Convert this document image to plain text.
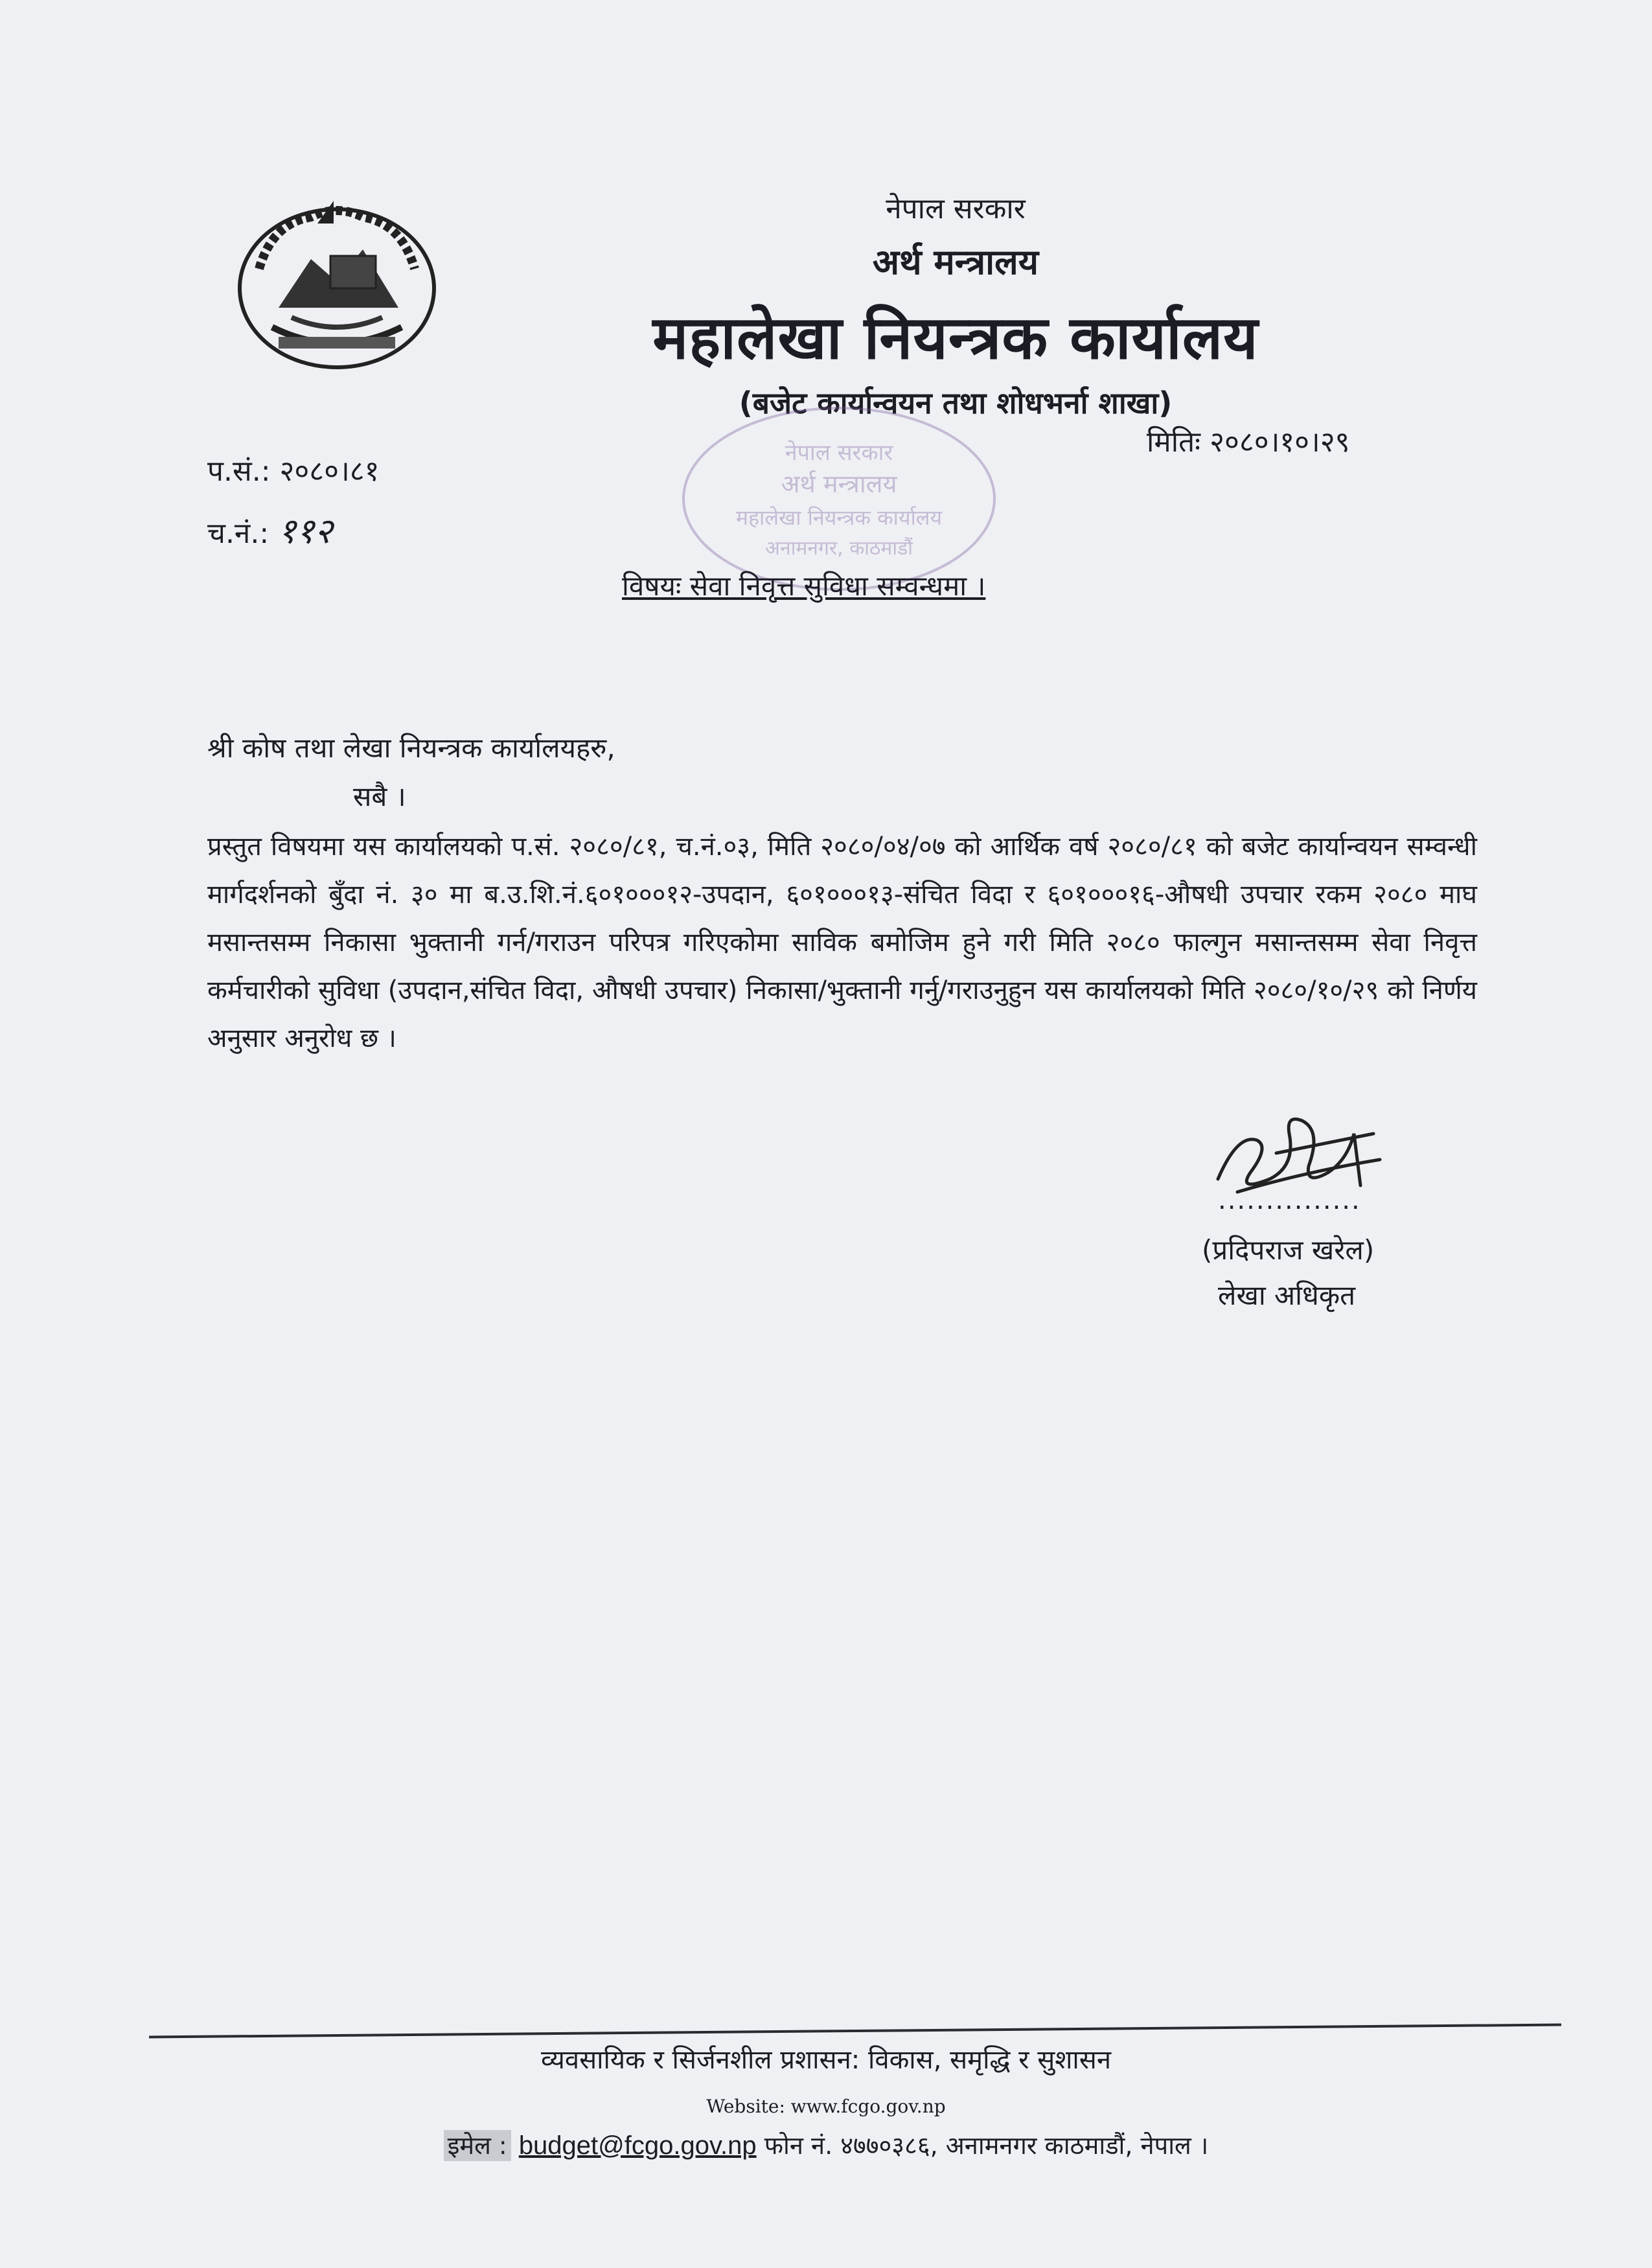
नेपाल सरकार
अर्थ मन्त्रालय
महालेखा नियन्त्रक कार्यालय
(बजेट कार्यान्वयन तथा शोधभर्ना शाखा)
नेपाल सरकार
अर्थ मन्त्रालय
महालेखा नियन्त्रक कार्यालय
अनामनगर, काठमाडौं
मितिः २०८०।१०।२९
प.सं.: २०८०।८१
च.नं.: ११२
विषयः सेवा निवृत्त सुविधा सम्वन्धमा ।
श्री कोष तथा लेखा नियन्त्रक कार्यालयहरु,
सबै ।
प्रस्तुत विषयमा यस कार्यालयको प.सं. २०८०/८१, च.नं.०३, मिति २०८०/०४/०७ को आर्थिक वर्ष २०८०/८१ को बजेट कार्यान्वयन सम्वन्धी मार्गदर्शनको बुँदा नं. ३० मा ब.उ.शि.नं.६०१०००१२-उपदान, ६०१०००१३-संचित विदा र ६०१०००१६-औषधी उपचार रकम २०८० माघ मसान्तसम्म निकासा भुक्तानी गर्न/गराउन परिपत्र गरिएकोमा साविक बमोजिम हुने गरी मिति २०८० फाल्गुन मसान्तसम्म सेवा निवृत्त कर्मचारीको सुविधा (उपदान,संचित विदा, औषधी उपचार) निकासा/भुक्तानी गर्नु/गराउनुहुन यस कार्यालयको मिति २०८०/१०/२९ को निर्णय अनुसार अनुरोध छ ।
...............
(प्रदिपराज खरेल)
लेखा अधिकृत
व्यवसायिक र सिर्जनशील प्रशासन: विकास, समृद्धि र सुशासन
Website: www.fcgo.gov.np
इमेल : budget@fcgo.gov.np फोन नं. ४७७०३८६, अनामनगर काठमाडौं, नेपाल ।
